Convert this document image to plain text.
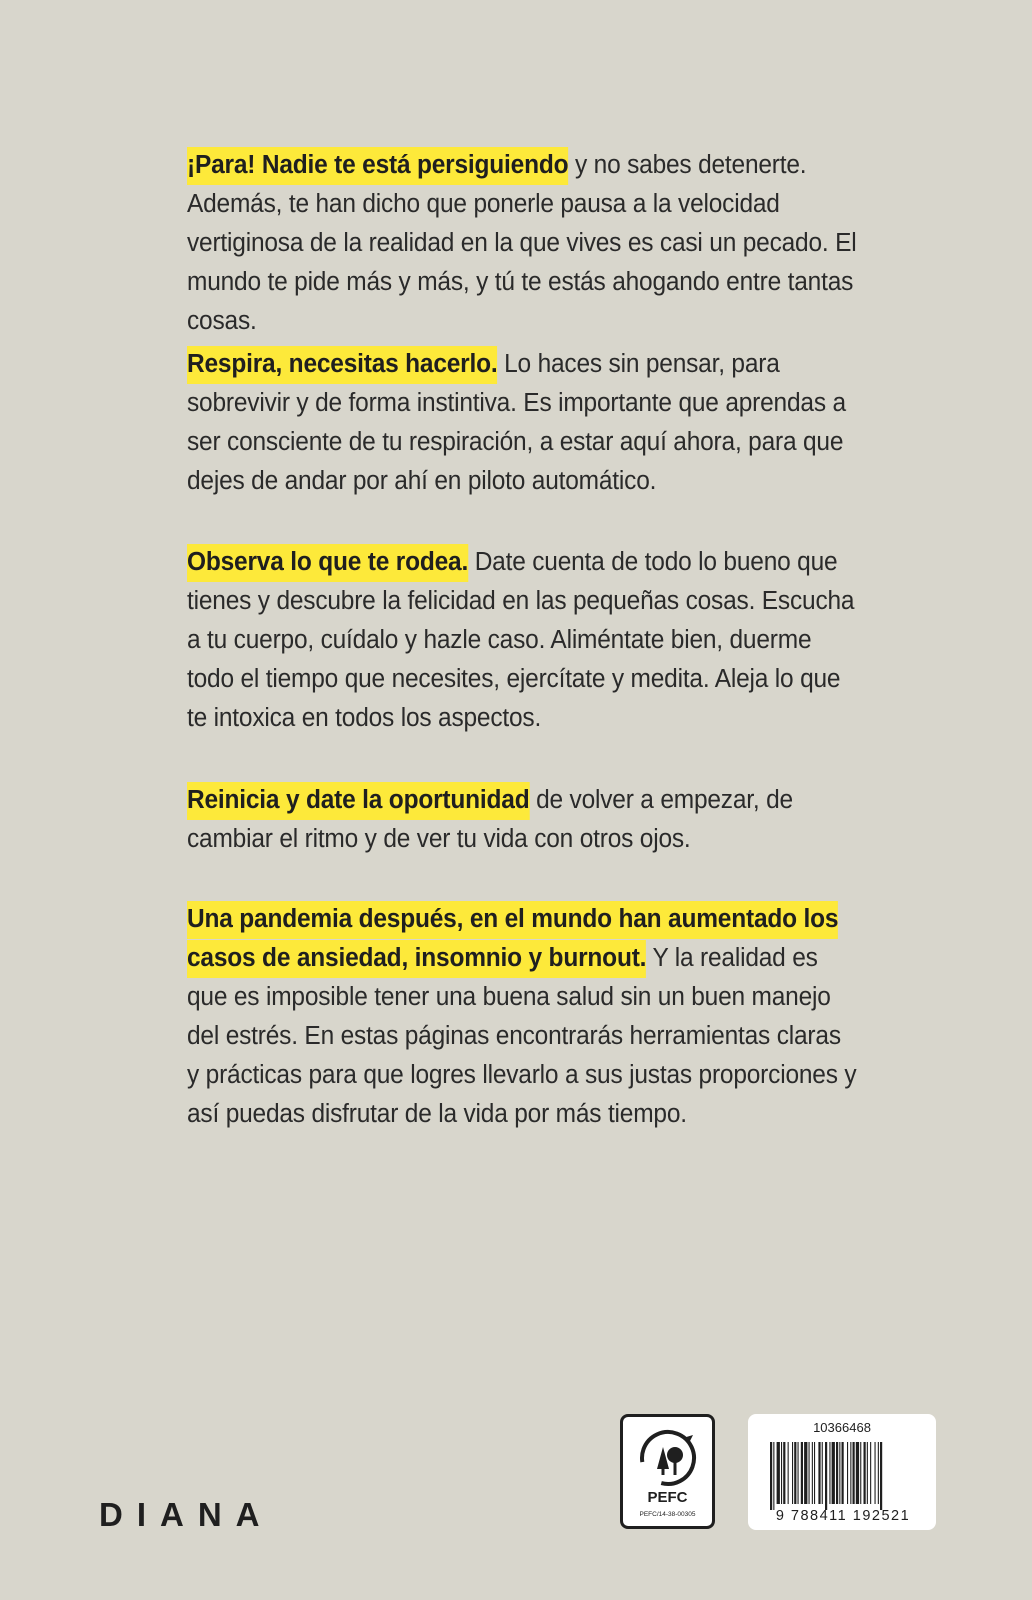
¡Para! Nadie te está persiguiendo y no sabes detenerte. Además, te han dicho que ponerle pausa a la velocidad vertiginosa de la realidad en la que vives es casi un pecado. El mundo te pide más y más, y tú te estás ahogando entre tantas cosas.
Respira, necesitas hacerlo. Lo haces sin pensar, para sobrevivir y de forma instintiva. Es importante que aprendas a ser consciente de tu respiración, a estar aquí ahora, para que dejes de andar por ahí en piloto automático.
Observa lo que te rodea. Date cuenta de todo lo bueno que tienes y descubre la felicidad en las pequeñas cosas. Escucha a tu cuerpo, cuídalo y hazle caso. Aliméntate bien, duerme todo el tiempo que necesites, ejercítate y medita. Aleja lo que te intoxica en todos los aspectos.
Reinicia y date la oportunidad de volver a empezar, de cambiar el ritmo y de ver tu vida con otros ojos.
Una pandemia después, en el mundo han aumentado los casos de ansiedad, insomnio y burnout. Y la realidad es que es imposible tener una buena salud sin un buen manejo del estrés. En estas páginas encontrarás herramientas claras y prácticas para que logres llevarlo a sus justas proporciones y así puedas disfrutar de la vida por más tiempo.
DIANA	PEFC
PEFC/14-38-00305
10366468
9 788411 192521
